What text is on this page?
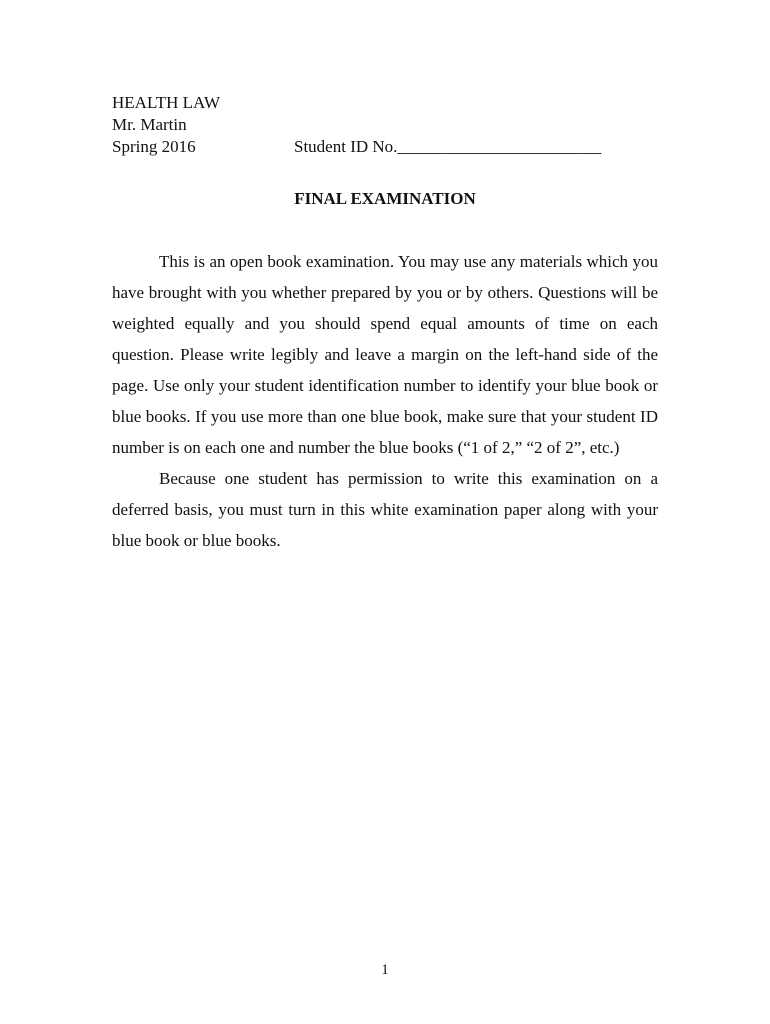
HEALTH LAW
Mr. Martin
Spring 2016	Student ID No.________________________
FINAL EXAMINATION

This is an open book examination. You may use any materials which you have brought with you whether prepared by you or by others. Questions will be weighted equally and you should spend equal amounts of time on each question. Please write legibly and leave a margin on the left-hand side of the page. Use only your student identification number to identify your blue book or blue books. If you use more than one blue book, make sure that your student ID number is on each one and number the blue books (“1 of 2,” “2 of 2”, etc.)

Because one student has permission to write this examination on a deferred basis, you must turn in this white examination paper along with your blue book or blue books.

1
